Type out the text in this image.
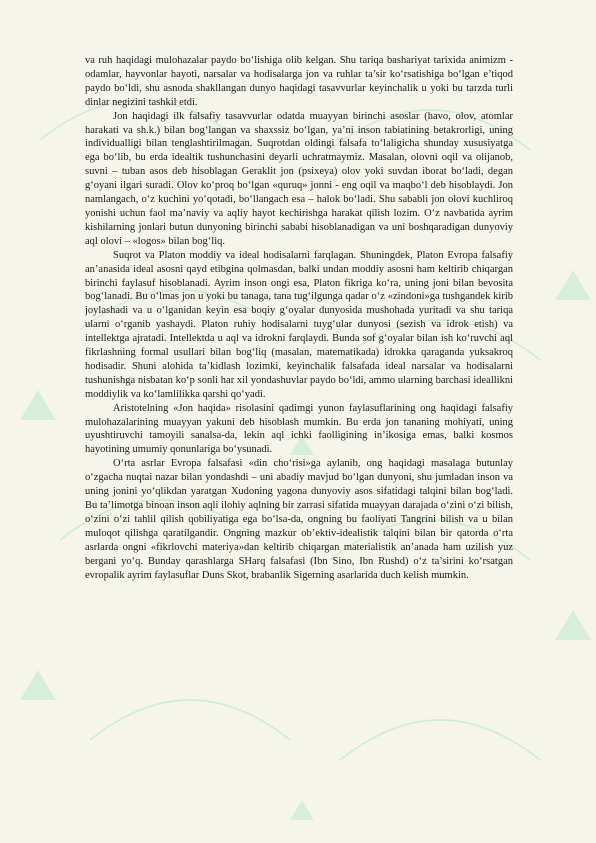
va ruh haqidagi mulohazalar paydo bo‘lishiga olib kelgan. Shu tariqa bashariyat tarixida animizm - odamlar, hayvonlar hayoti, narsalar va hodisalarga jon va ruhlar ta’sir ko‘rsatishiga bo‘lgan e’tiqod paydo bo‘ldi, shu asnoda shakllangan dunyo haqidagi tasavvurlar keyinchalik u yoki bu tarzda turli dinlar negizini tashkil etdi.

Jon haqidagi ilk falsafiy tasavvurlar odatda muayyan birinchi asoslar (havo, olov, atomlar harakati va sh.k.) bilan bog‘langan va shaxssiz bo‘lgan, ya’ni inson tabiatining betakrorligi, uning individualligi bilan tenglashtirilmagan. Suqrotdan oldingi falsafa to‘laligicha shunday xususiyatga ega bo‘lib, bu erda idealtik tushunchasini deyarli uchratmaymiz. Masalan, olovni oqil va olijanob, suvni – tuban asos deb hisoblagan Geraklit jon (psixeya) olov yoki suvdan iborat bo‘ladi, degan g‘oyani ilgari suradi. Olov ko‘proq bo‘lgan «quruq» jonni - eng oqil va maqbo‘l deb hisoblaydi. Jon namlangach, o‘z kuchini yo‘qotadi, bo‘llangach esa – halok bo‘ladi. Shu sababli jon olovi kuchliroq yonishi uchun faol ma’naviy va aqliy hayot kechirishga harakat qilish lozim. O‘z navbatida ayrim kishilarning jonlari butun dunyoning birinchi sababi hisoblanadigan va uni boshqaradigan dunyoviy aql olovi – «logos» bilan bog‘liq.

Suqrot va Platon moddiy va ideal hodisalarni farqlagan. Shuningdek, Platon Evropa falsafiy an’anasida ideal asosni qayd etibgina qolmasdan, balki undan moddiy asosni ham keltirib chiqargan birinchi faylasuf hisoblanadi. Ayrim inson ongi esa, Platon fikriga ko‘ra, uning joni bilan bevosita bog‘lanadi. Bu o‘lmas jon u yoki bu tanaga, tana tug‘ilgunga qadar o‘z «zindoni»ga tushgandek kirib joylashadi va u o‘lganidan keyin esa boqiy g‘oyalar dunyosida mushohada yuritadi va shu tariqa ularni o‘rganib yashaydi. Platon ruhiy hodisalarni tuyg‘ular dunyosi (sezish va idrok etish) va intellektga ajratadi. Intellektda u aql va idrokni farqlaydi. Bunda sof g‘oyalar bilan ish ko‘ruvchi aql fikrlashning formal usullari bilan bog‘liq (masalan, matematikada) idrokka qaraganda yuksakroq hodisadir. Shuni alohida ta’kidlash lozimki, keyinchalik falsafada ideal narsalar va hodisalarni tushunishga nisbatan ko‘p sonli har xil yondashuvlar paydo bo‘ldi, ammo ularning barchasi ideallikni moddiylik va ko‘lamlilikka qarshi qo‘yadi.

Aristotelning «Jon haqida» risolasini qadimgi yunon faylasuflarining ong haqidagi falsafiy mulohazalarining muayyan yakuni deb hisoblash mumkin. Bu erda jon tananing mohiyati, uning uyushtiruvchi tamoyili sanalsa-da, lekin aql ichki faolligining in’ikosiga emas, balki kosmos hayotining umumiy qonunlariga bo‘ysunadi.

O‘rta asrlar Evropa falsafasi «din cho‘risi»ga aylanib, ong haqidagi masalaga butunlay o‘zgacha nuqtai nazar bilan yondashdi – uni abadiy mavjud bo‘lgan dunyoni, shu jumladan inson va uning jonini yo‘qlikdan yaratgan Xudoning yagona dunyoviy asos sifatidagi talqini bilan bog‘ladi. Bu ta’limotga binoan inson aqli ilohiy aqlning bir zarrasi sifatida muayyan darajada o‘zini o‘zi bilish, o‘zini o‘zi tahlil qilish qobiliyatiga ega bo‘lsa-da, ongning bu faoliyati Tangrini bilish va u bilan muloqot qilishga qaratilgandir. Ongning mazkur ob’ektiv-idealistik talqini bilan bir qatorda o‘rta asrlarda ongni «fikrlovchi materiya»dan keltirib chiqargan materialistik an’anada ham uzilish yuz bergani yo‘q. Bunday qarashlarga SHarq falsafasi (Ibn Sino, Ibn Rushd) o‘z ta’sirini ko‘rsatgan evropalik ayrim faylasuflar Duns Skot, brabanlik Sigerning asarlarida duch kelish mumkin.
